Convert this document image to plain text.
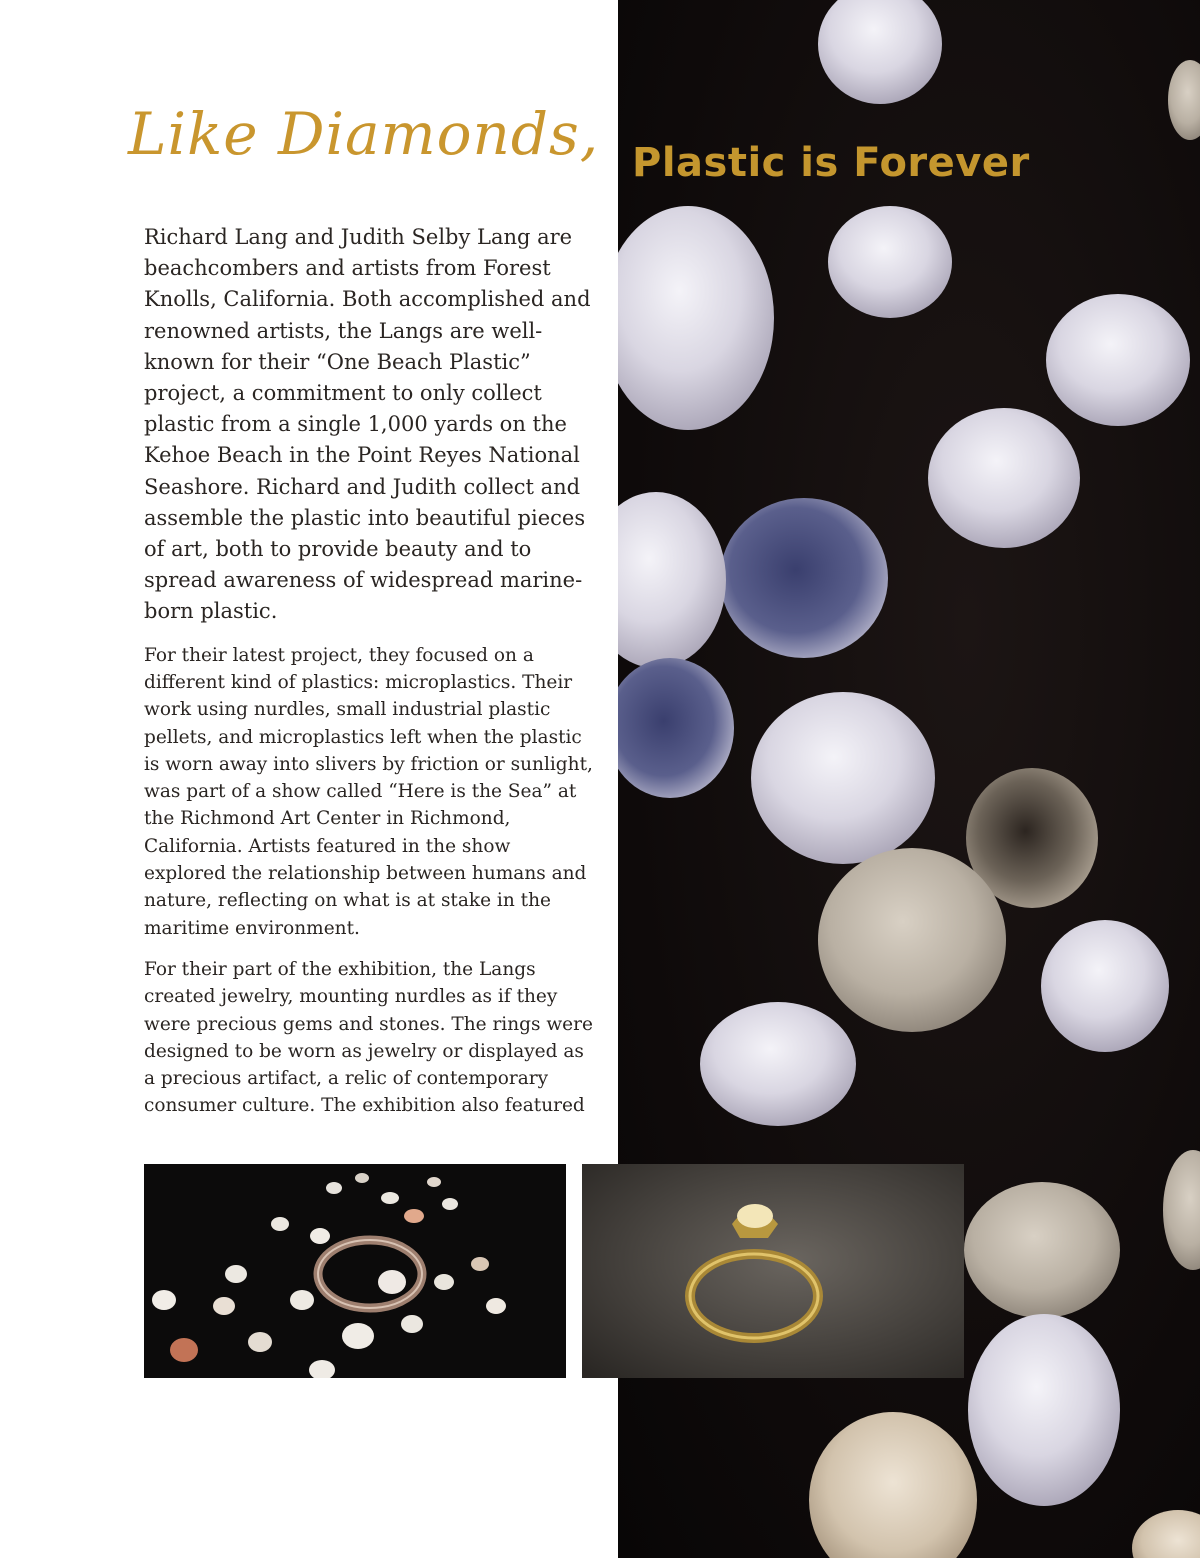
Like Diamonds, Plastic is Forever

Richard Lang and Judith Selby Lang are beachcombers and artists from Forest Knolls, California. Both accomplished and renowned artists, the Langs are well-known for their “One Beach Plastic” project, a commitment to only collect plastic from a single 1,000 yards on the Kehoe Beach in the Point Reyes National Seashore. Richard and Judith collect and assemble the plastic into beautiful pieces of art, both to provide beauty and to spread awareness of widespread marine-born plastic.

For their latest project, they focused on a different kind of plastics: microplastics. Their work using nurdles, small industrial plastic pellets, and microplastics left when the plastic is worn away into slivers by friction or sunlight, was part of a show called “Here is the Sea” at the Richmond Art Center in Richmond, California. Artists featured in the show explored the relationship between humans and nature, reflecting on what is at stake in the maritime environment.

For their part of the exhibition, the Langs created jewelry, mounting nurdles as if they were precious gems and stones. The rings were designed to be worn as jewelry or displayed as a precious artifact, a relic of contemporary consumer culture. The exhibition also featured
